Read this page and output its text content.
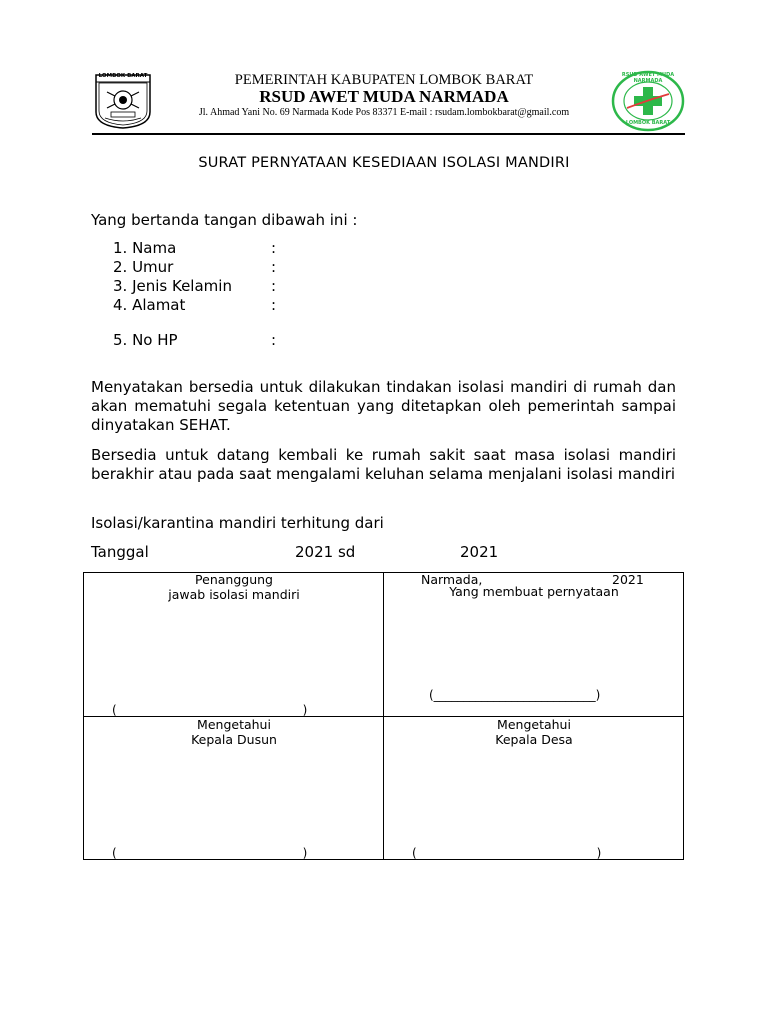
LOMBOK BARAT	PEMERINTAH KABUPATEN LOMBOK BARAT
RSUD AWET MUDA NARMADA
Jl. Ahmad Yani No. 69 Narmada Kode Pos 83371 E-mail : rsudam.lombokbarat@gmail.com
RSUD AWET MUDA NARMADA
LOMBOK BARAT
SURAT PERNYATAAN KESEDIAAN ISOLASI MANDIRI
Yang bertanda tangan dibawah ini :
1. Nama	:
2. Umur	:
3. Jenis Kelamin	:
4. Alamat	:
5. No HP	:
Menyatakan bersedia untuk dilakukan tindakan isolasi mandiri di rumah dan akan mematuhi segala ketentuan yang ditetapkan oleh pemerintah sampai dinyatakan SEHAT.
Bersedia untuk datang kembali ke rumah sakit saat masa isolasi mandiri berakhir atau pada saat mengalami keluhan selama menjalani isolasi mandiri
Isolasi/karantina mandiri terhitung dari
Tanggal	2021 sd	2021
Penanggung
jawab isolasi mandiri
(_______________________________)
Narmada,	2021
Yang membuat pernyataan
(___________________________)
Mengetahui
Kepala Dusun
(_______________________________)
Mengetahui
Kepala Desa
(______________________________)
